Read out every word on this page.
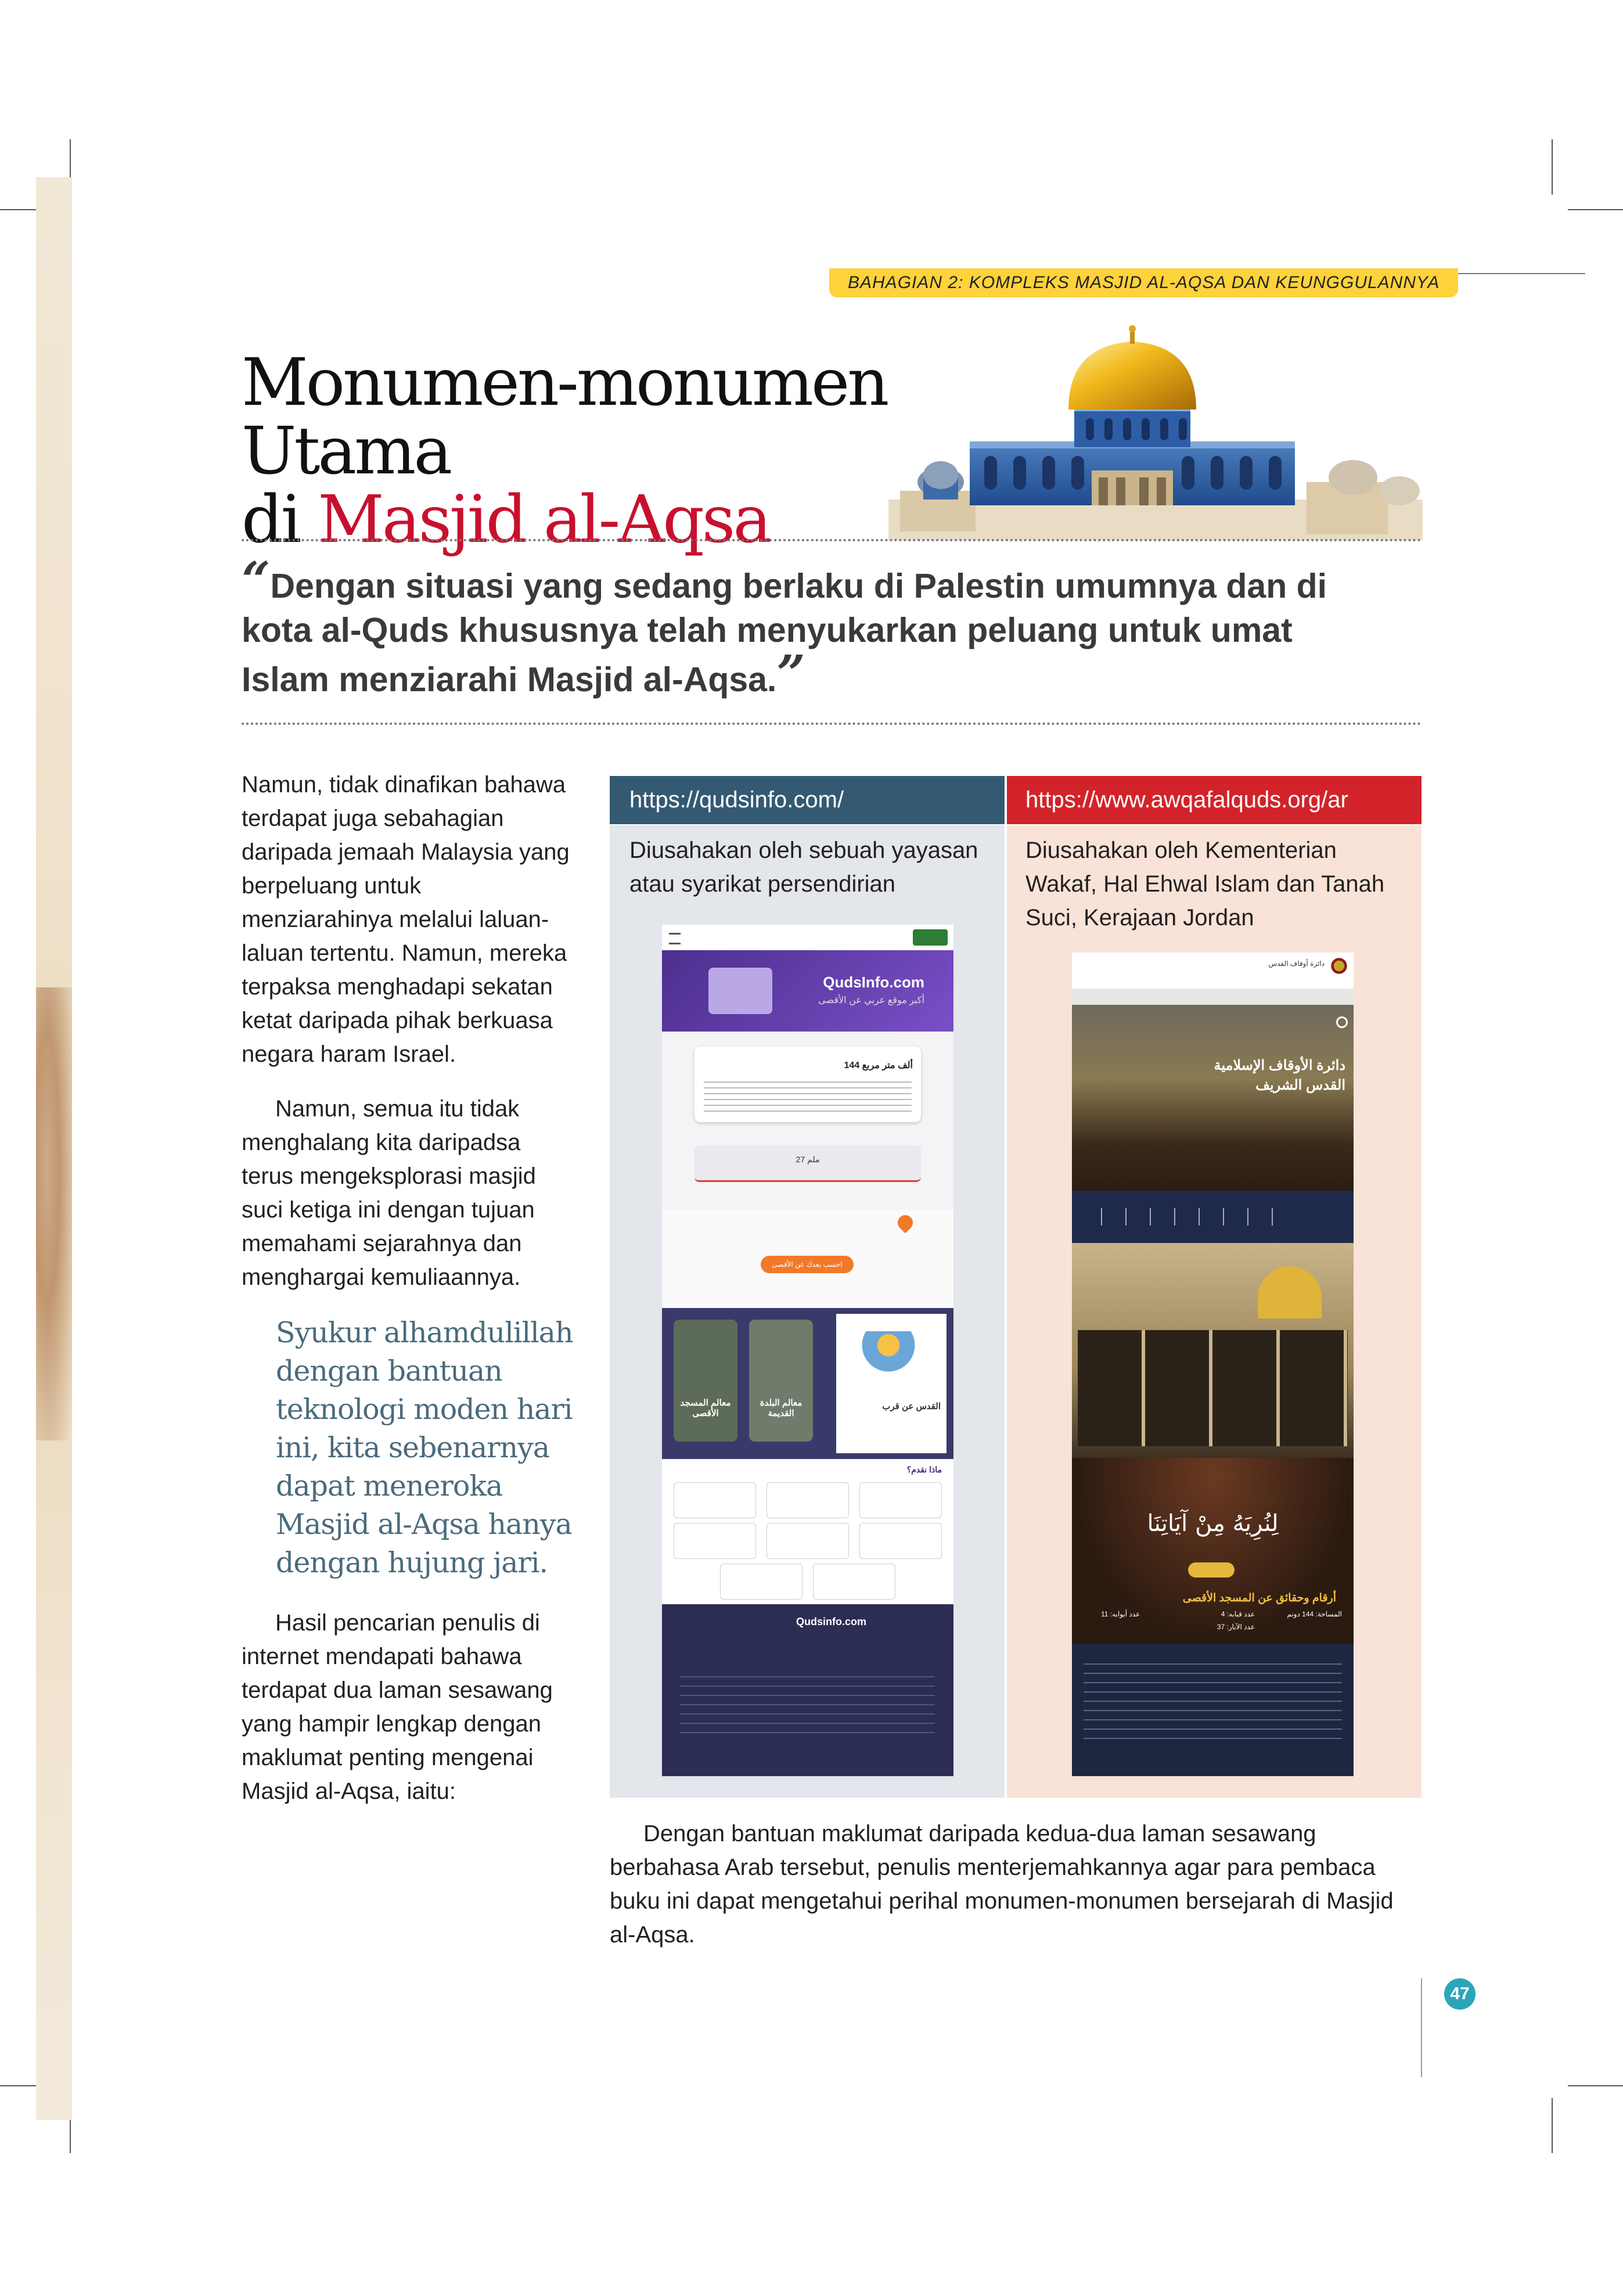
BAHAGIAN 2: KOMPLEKS MASJID AL-AQSA DAN KEUNGGULANNYA
Monumen-monumen Utama
di Masjid al-Aqsa
“Dengan situasi yang sedang berlaku di Palestin umumnya dan di kota al-Quds khususnya telah menyukarkan peluang untuk umat Islam menziarahi Masjid al-Aqsa.”
Namun, tidak dinafikan bahawa terdapat juga sebahagian daripada jemaah Malaysia yang berpeluang untuk menziarahinya melalui laluan-laluan tertentu. Namun, mereka terpaksa menghadapi sekatan ketat daripada pihak berkuasa negara haram Israel.
Namun, semua itu tidak menghalang kita daripadsa terus mengeksplorasi masjid suci ketiga ini dengan tujuan memahami sejarahnya dan menghargai kemuliaannya.
Syukur alhamdulillah dengan bantuan teknologi moden hari ini, kita sebenarnya dapat meneroka Masjid al-Aqsa hanya dengan hujung jari.
Hasil pencarian penulis di internet mendapati bahawa terdapat dua laman sesawang yang hampir lengkap dengan maklumat penting mengenai Masjid al-Aqsa, iaitu:
https://qudsinfo.com/	https://www.awqafalquds.org/ar
Diusahakan oleh sebuah yayasan atau syarikat persendirian
Diusahakan oleh Kementerian Wakaf, Hal Ehwal Islam dan Tanah Suci, Kerajaan Jordan
QudsInfo.com
أكبر موقع عربي عن الأقصى
144 ألف متر مربع
27 ملم
احسب بعدك عن الأقصى
معالم المسجد الأقصى
معالم البلدة القديمة
القدس عن قرب
ماذا نقدم؟
Qudsinfo.com
دائرة أوقاف القدس
دائرة الأوقاف الإسلامية
القدس الشريف
لِنُرِيَهُ مِنْ آيَاتِنَا
أرقام وحقائق عن المسجد الأقصى
المساحة: 144 دونم
عدد قبابه: 4
عدد أبوابه: 11
عدد الآبار: 37
Dengan bantuan maklumat daripada kedua-dua laman sesawang berbahasa Arab tersebut, penulis menterjemahkannya agar para pembaca buku ini dapat mengetahui perihal monumen-monumen bersejarah di Masjid al-Aqsa.
47
